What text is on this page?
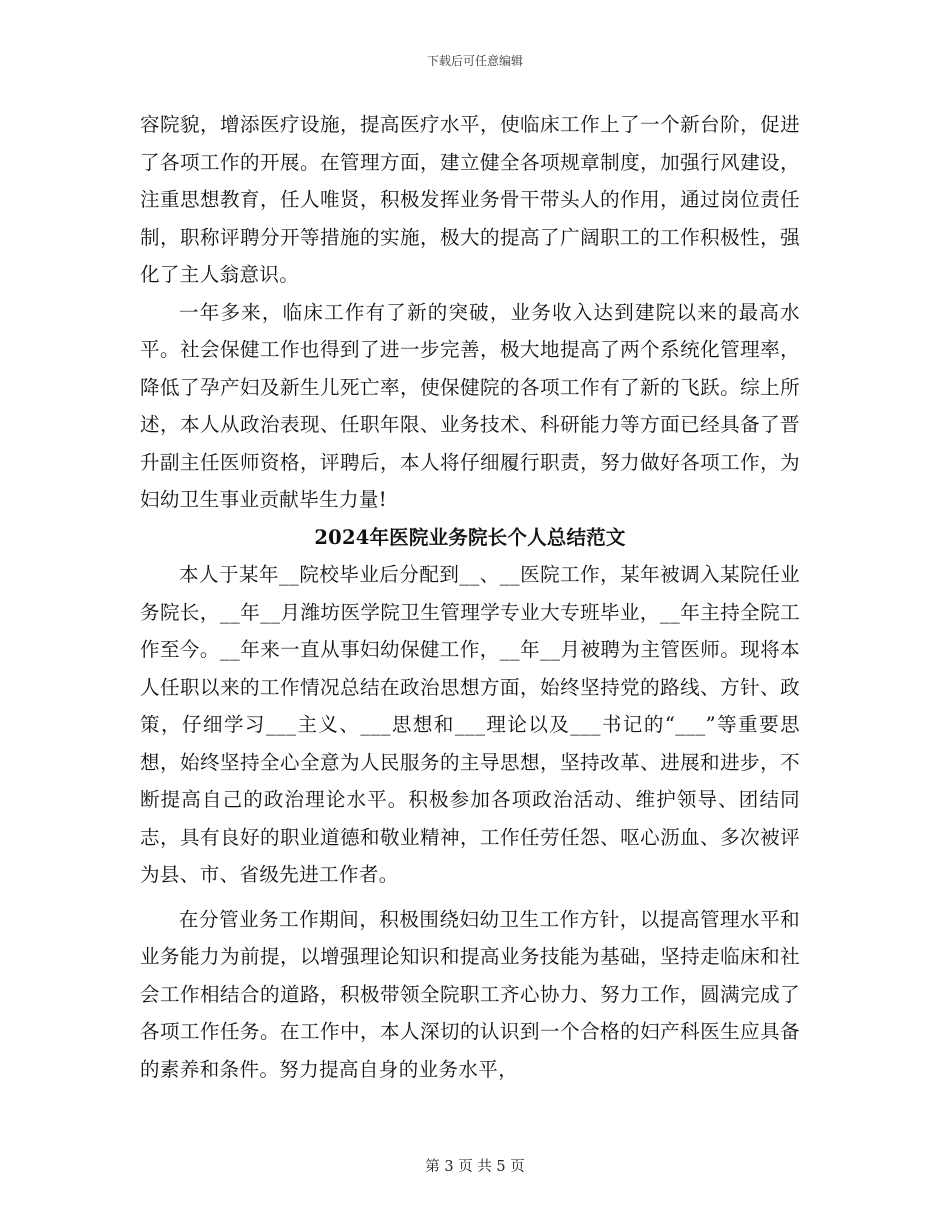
下载后可任意编辑

容院貌，增添医疗设施，提高医疗水平，使临床工作上了一个新台阶，促进了各项工作的开展。在管理方面，建立健全各项规章制度，加强行风建设，注重思想教育，任人唯贤，积极发挥业务骨干带头人的作用，通过岗位责任制，职称评聘分开等措施的实施，极大的提高了广阔职工的工作积极性，强化了主人翁意识。

一年多来，临床工作有了新的突破，业务收入达到建院以来的最高水平。社会保健工作也得到了进一步完善，极大地提高了两个系统化管理率，降低了孕产妇及新生儿死亡率，使保健院的各项工作有了新的飞跃。综上所述，本人从政治表现、任职年限、业务技术、科研能力等方面已经具备了晋升副主任医师资格，评聘后，本人将仔细履行职责，努力做好各项工作，为妇幼卫生事业贡献毕生力量!

2024年医院业务院长个人总结范文

本人于某年__院校毕业后分配到__、__医院工作，某年被调入某院任业务院长，__年__月潍坊医学院卫生管理学专业大专班毕业，__年主持全院工作至今。__年来一直从事妇幼保健工作，__年__月被聘为主管医师。现将本人任职以来的工作情况总结在政治思想方面，始终坚持党的路线、方针、政策，仔细学习___主义、___思想和___理论以及___书记的“___”等重要思想，始终坚持全心全意为人民服务的主导思想，坚持改革、进展和进步，不断提高自己的政治理论水平。积极参加各项政治活动、维护领导、团结同志，具有良好的职业道德和敬业精神，工作任劳任怨、呕心沥血、多次被评为县、市、省级先进工作者。

在分管业务工作期间，积极围绕妇幼卫生工作方针，以提高管理水平和业务能力为前提，以增强理论知识和提高业务技能为基础，坚持走临床和社会工作相结合的道路，积极带领全院职工齐心协力、努力工作，圆满完成了各项工作任务。在工作中，本人深切的认识到一个合格的妇产科医生应具备的素养和条件。努力提高自身的业务水平，

第 3 页 共 5 页
